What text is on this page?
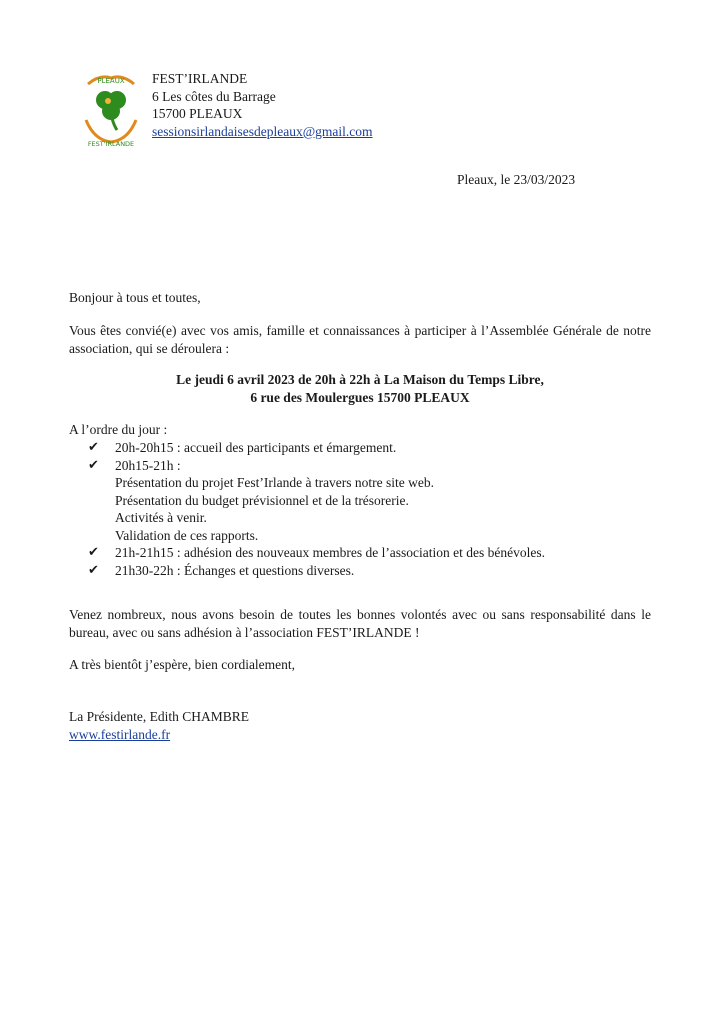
PLEAUX
FEST'IRLANDE
FEST’IRLANDE
6 Les côtes du Barrage
15700 PLEAUX
sessionsirlandaisesdepleaux@gmail.com
Pleaux, le 23/03/2023
Bonjour à tous et toutes,
Vous êtes convié(e) avec vos amis, famille et connaissances à participer à l’Assemblée Générale de notre association, qui se déroulera :
Le jeudi 6 avril 2023 de 20h à 22h à La Maison du Temps Libre,
6 rue des Moulergues 15700 PLEAUX
A l’ordre du jour :
✔ 20h-20h15 : accueil des participants et émargement.
✔ 20h15-21h :
Présentation du projet Fest’Irlande à travers notre site web.
Présentation du budget prévisionnel et de la trésorerie.
Activités à venir.
Validation de ces rapports.
✔ 21h-21h15 : adhésion des nouveaux membres de l’association et des bénévoles.
✔ 21h30-22h : Échanges et questions diverses.
Venez nombreux, nous avons besoin de toutes les bonnes volontés avec ou sans responsabilité dans le bureau, avec ou sans adhésion à l’association FEST’IRLANDE !
A très bientôt j’espère, bien cordialement,
La Présidente, Edith CHAMBRE
www.festirlande.fr
